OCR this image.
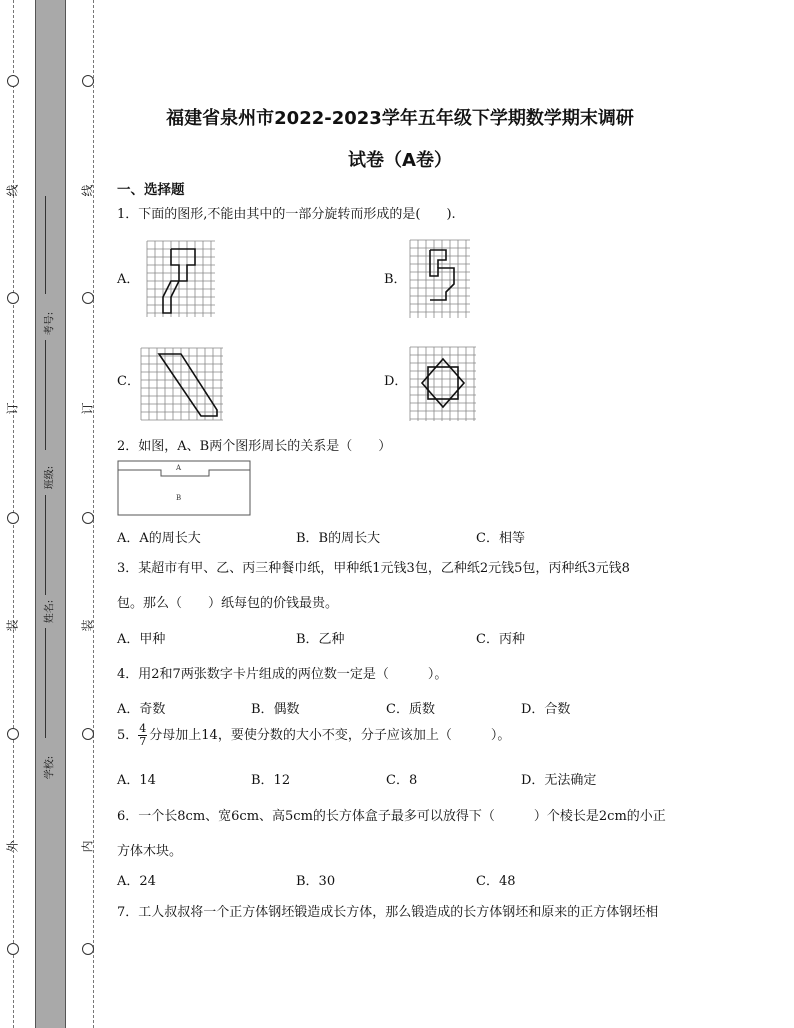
线
订
装
外
线
订
装
内
考号:
班级:
姓名:
学校:
福建省泉州市2022-2023学年五年级下学期数学期末调研
试卷（A卷）
一、选择题
1．下面的图形,不能由其中的一部分旋转而形成的是(　　).
A．	B．
C．	D．
2．如图，A、B两个图形周长的关系是（　　）
A
B
A．A的周长大	B．B的周长大	C．相等
3．某超市有甲、乙、丙三种餐巾纸，甲种纸1元钱3包，乙种纸2元钱5包，丙种纸3元钱8
包。那么（　　）纸每包的价钱最贵。
A．甲种	B．乙种	C．丙种
4．用2和7两张数字卡片组成的两位数一定是（　　　）。
A．奇数	B．偶数	C．质数	D．合数
5． $\frac{4}{7}$ 分母加上14，要使分数的大小不变，分子应该加上（　　　）。
A．14	B．12	C．8	D．无法确定
6．一个长8cm、宽6cm、高5cm的长方体盒子最多可以放得下（　　　）个棱长是2cm的小正
方体木块。
A．24	B．30	C．48
7．工人叔叔将一个正方体钢坯锻造成长方体，那么锻造成的长方体钢坯和原来的正方体钢坯相
